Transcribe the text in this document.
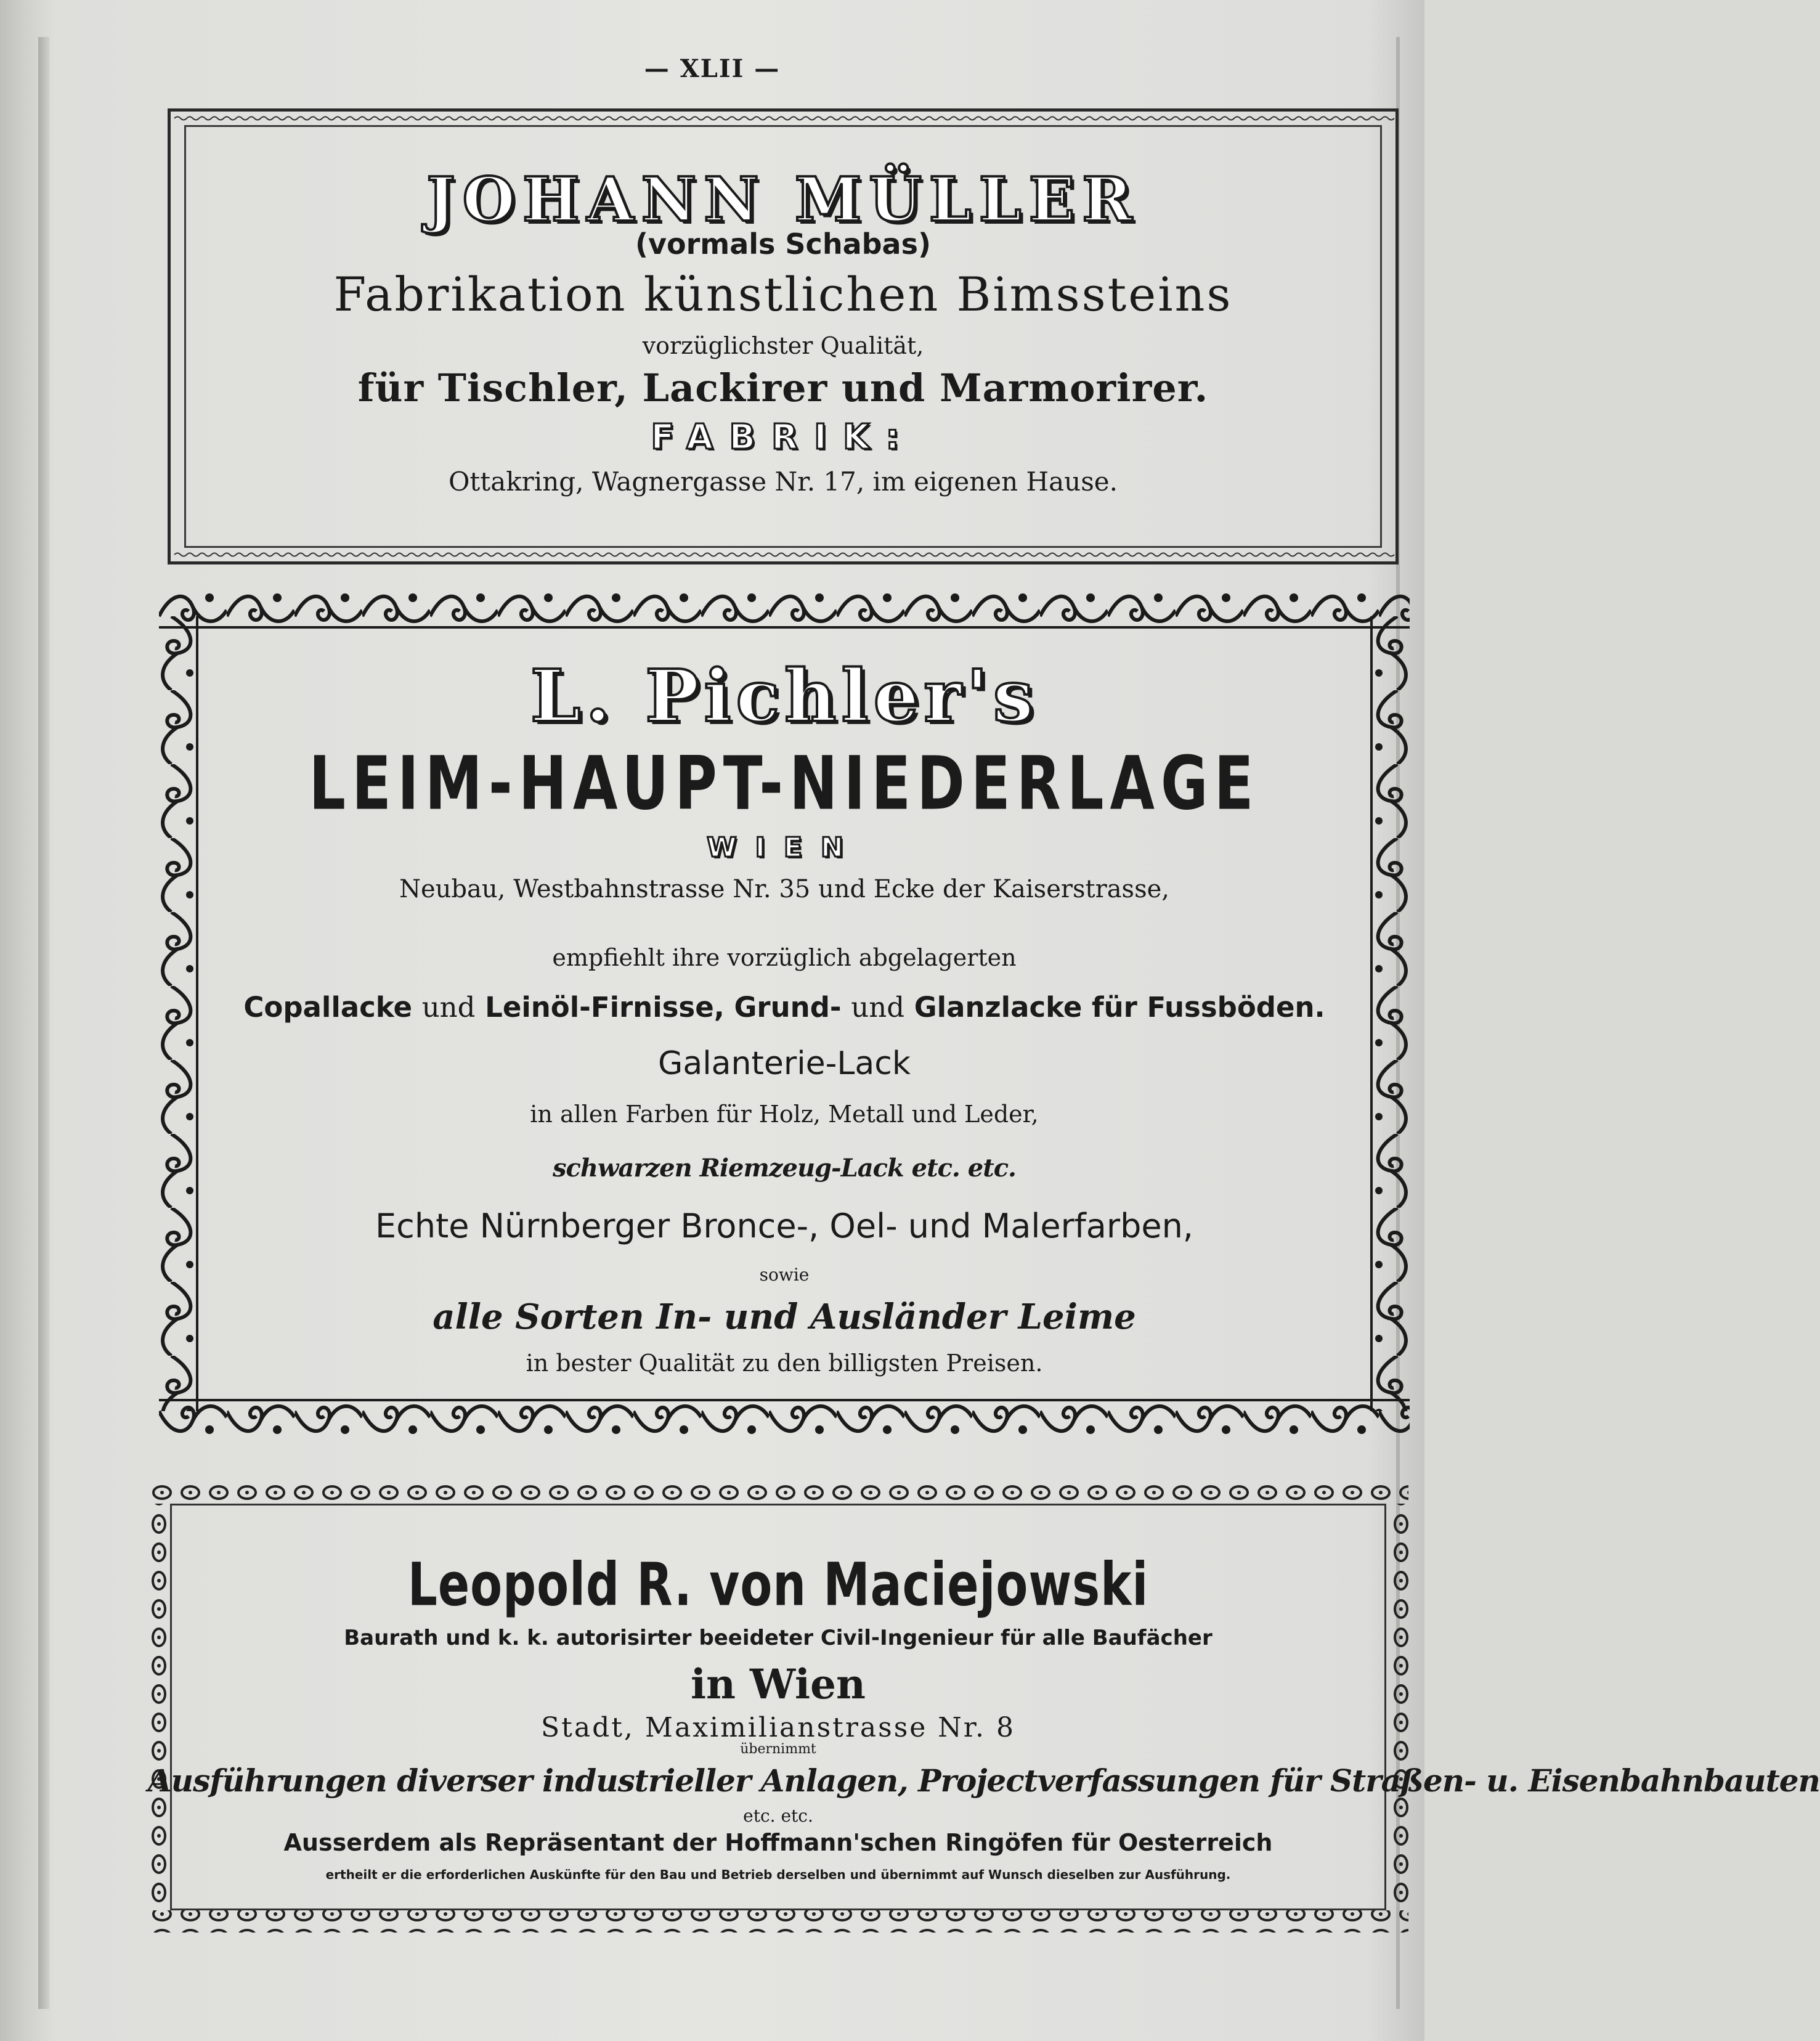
— XLII —
JOHANN MÜLLER
(vormals Schabas)
Fabrikation künstlichen Bimssteins
vorzüglichster Qualität,
für Tischler, Lackirer und Marmorirer.
FABRIK:
Ottakring, Wagnergasse Nr. 17, im eigenen Hause.
L. Pichler's
LEIM-HAUPT-NIEDERLAGE
WIEN
Neubau, Westbahnstrasse Nr. 35 und Ecke der Kaiserstrasse,
empfiehlt ihre vorzüglich abgelagerten
Copallacke und Leinöl-Firnisse, Grund- und Glanzlacke für Fussböden.
Galanterie-Lack
in allen Farben für Holz, Metall und Leder,
schwarzen Riemzeug-Lack etc. etc.
Echte Nürnberger Bronce-, Oel- und Malerfarben,
sowie
alle Sorten In- und Ausländer Leime
in bester Qualität zu den billigsten Preisen.
Leopold R. von Maciejowski
Baurath und k. k. autorisirter beeideter Civil-Ingenieur für alle Baufächer
in Wien
Stadt, Maximilianstrasse Nr. 8
übernimmt
Ausführungen diverser industrieller Anlagen, Projectverfassungen für Straßen- u. Eisenbahnbauten
etc. etc.
Ausserdem als Repräsentant der Hoffmann'schen Ringöfen für Oesterreich
ertheilt er die erforderlichen Auskünfte für den Bau und Betrieb derselben und übernimmt auf Wunsch dieselben zur Ausführung.
